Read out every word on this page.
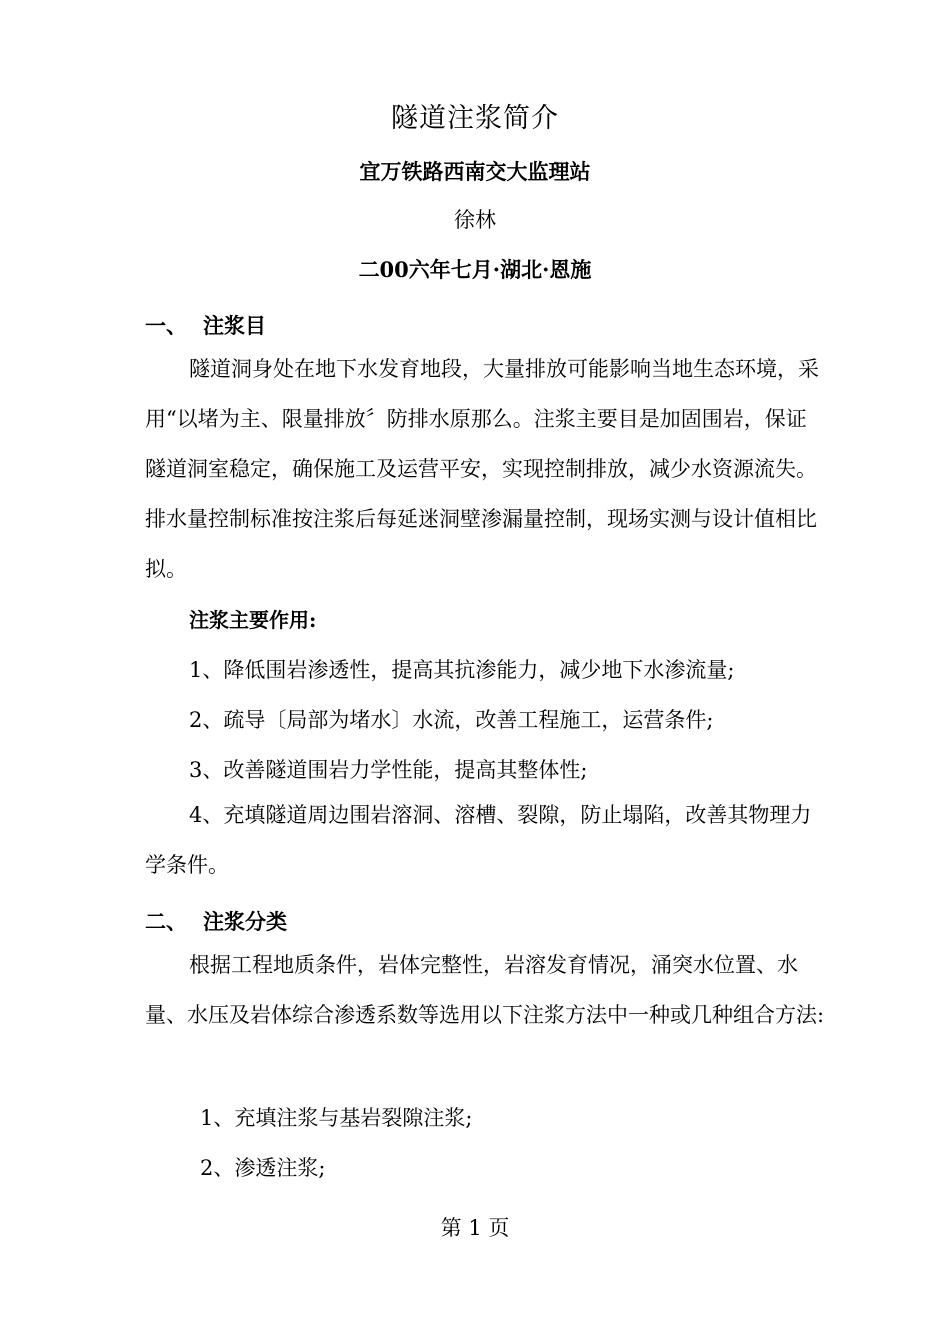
隧道注浆简介
宜万铁路西南交大监理站
徐林
二00六年七月·湖北·恩施
一、 注浆目

隧道洞身处在地下水发育地段，大量排放可能影响当地生态环境，采用“以堵为主、限量排放〞防排水原那么。注浆主要目是加固围岩，保证隧道洞室稳定，确保施工及运营平安，实现控制排放，减少水资源流失。排水量控制标准按注浆后每延迷洞壁渗漏量控制，现场实测与设计值相比拟。

注浆主要作用:
1、降低围岩渗透性，提高其抗渗能力，减少地下水渗流量;
2、疏导〔局部为堵水〕水流，改善工程施工，运营条件;
3、改善隧道围岩力学性能，提高其整体性;

4、充填隧道周边围岩溶洞、溶槽、裂隙，防止塌陷，改善其物理力学条件。

二、 注浆分类

根据工程地质条件，岩体完整性，岩溶发育情况，涌突水位置、水量、水压及岩体综合渗透系数等选用以下注浆方法中一种或几种组合方法:

1、充填注浆与基岩裂隙注浆;
2、渗透注浆;
第 1 页
